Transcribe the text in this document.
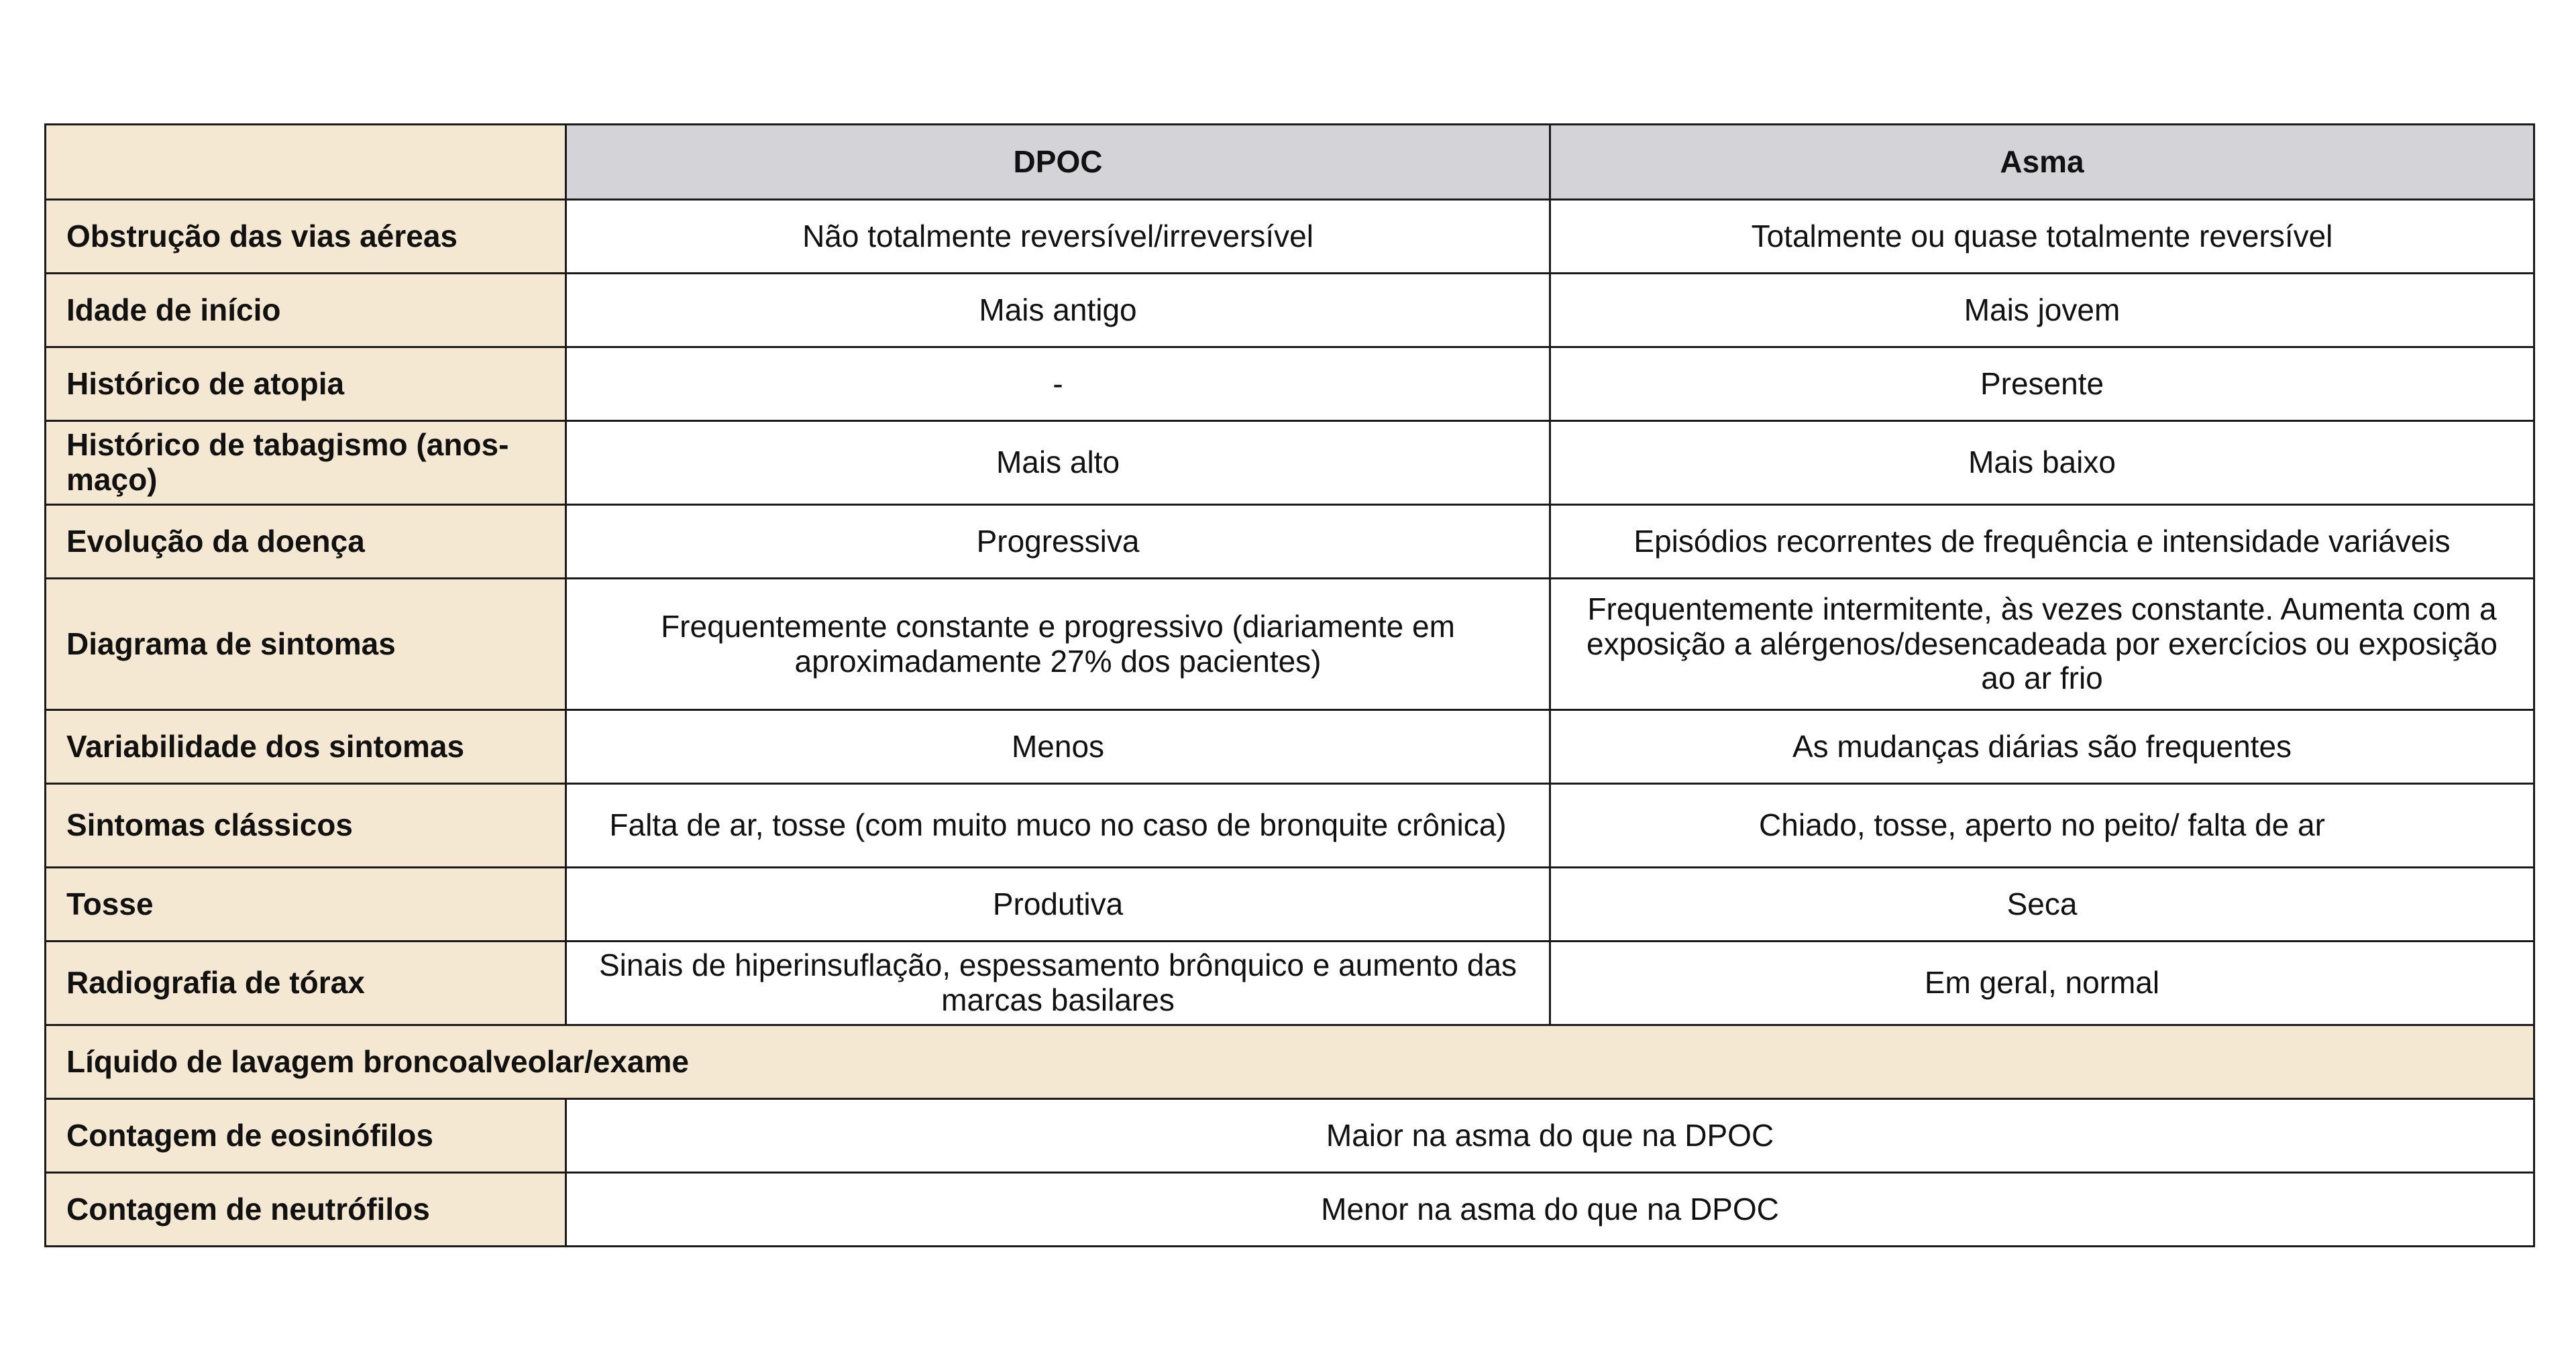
	DPOC	Asma
Obstrução das vias aéreas	Não totalmente reversível/irreversível	Totalmente ou quase totalmente reversível
Idade de início	Mais antigo	Mais jovem
Histórico de atopia	-	Presente
Histórico de tabagismo (anos-maço)	Mais alto	Mais baixo
Evolução da doença	Progressiva	Episódios recorrentes de frequência e intensidade variáveis
Diagrama de sintomas	Frequentemente constante e progressivo (diariamente em aproximadamente 27% dos pacientes)	Frequentemente intermitente, às vezes constante. Aumenta com a exposição a alérgenos/desencadeada por exercícios ou exposição ao ar frio
Variabilidade dos sintomas	Menos	As mudanças diárias são frequentes
Sintomas clássicos	Falta de ar, tosse (com muito muco no caso de bronquite crônica)	Chiado, tosse, aperto no peito/ falta de ar
Tosse	Produtiva	Seca
Radiografia de tórax	Sinais de hiperinsuflação, espessamento brônquico e aumento das marcas basilares	Em geral, normal
Líquido de lavagem broncoalveolar/exame		
Contagem de eosinófilos	Maior na asma do que na DPOC	
Contagem de neutrófilos	Menor na asma do que na DPOC	
